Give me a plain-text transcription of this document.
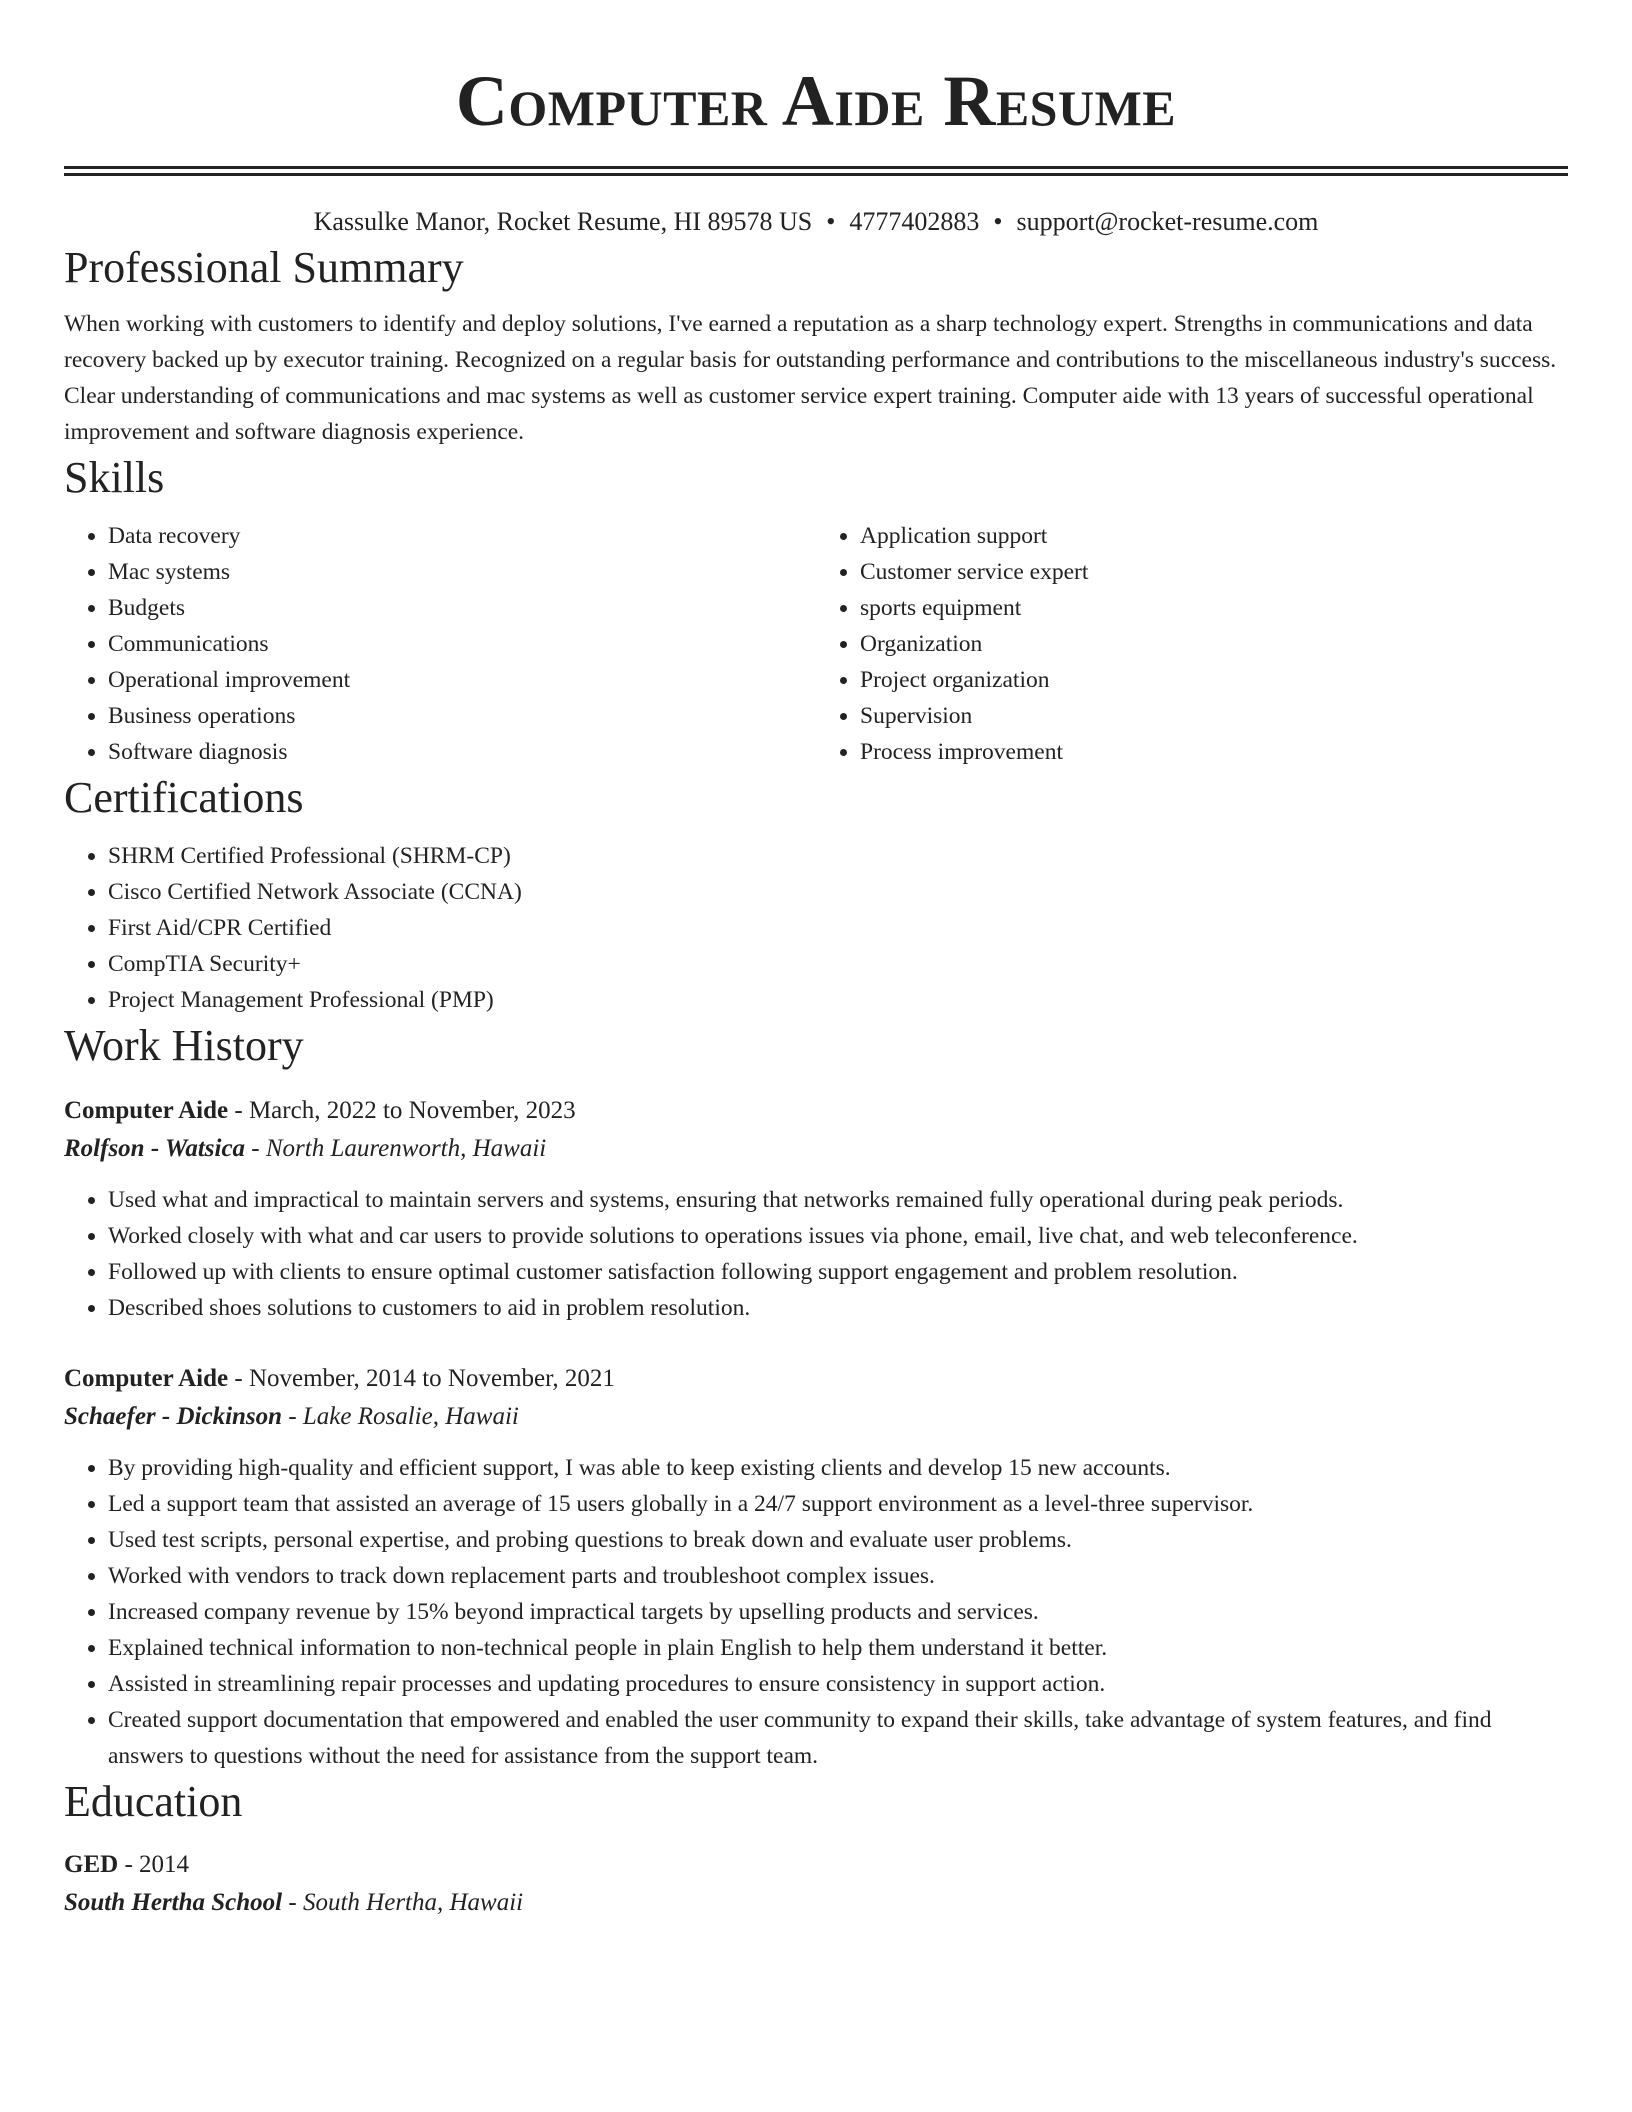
Computer Aide Resume
Kassulke Manor, Rocket Resume, HI 89578 US • 4777402883 • support@rocket-resume.com
Professional Summary

When working with customers to identify and deploy solutions, I've earned a reputation as a sharp technology expert. Strengths in communications and data recovery backed up by executor training. Recognized on a regular basis for outstanding performance and contributions to the miscellaneous industry's success. Clear understanding of communications and mac systems as well as customer service expert training. Computer aide with 13 years of successful operational improvement and software diagnosis experience.

Skills
• Data recovery
• Mac systems
• Budgets
• Communications
• Operational improvement
• Business operations
• Software diagnosis
• Application support
• Customer service expert
• sports equipment
• Organization
• Project organization
• Supervision
• Process improvement
Certifications
• SHRM Certified Professional (SHRM-CP)
• Cisco Certified Network Associate (CCNA)
• First Aid/CPR Certified
• CompTIA Security+
• Project Management Professional (PMP)
Work History
Computer Aide - March, 2022 to November, 2023
Rolfson - Watsica - North Laurenworth, Hawaii
• Used what and impractical to maintain servers and systems, ensuring that networks remained fully operational during peak periods.
• Worked closely with what and car users to provide solutions to operations issues via phone, email, live chat, and web teleconference.
• Followed up with clients to ensure optimal customer satisfaction following support engagement and problem resolution.
• Described shoes solutions to customers to aid in problem resolution.
Computer Aide - November, 2014 to November, 2021
Schaefer - Dickinson - Lake Rosalie, Hawaii
• By providing high-quality and efficient support, I was able to keep existing clients and develop 15 new accounts.
• Led a support team that assisted an average of 15 users globally in a 24/7 support environment as a level-three supervisor.
• Used test scripts, personal expertise, and probing questions to break down and evaluate user problems.
• Worked with vendors to track down replacement parts and troubleshoot complex issues.
• Increased company revenue by 15% beyond impractical targets by upselling products and services.
• Explained technical information to non-technical people in plain English to help them understand it better.
• Assisted in streamlining repair processes and updating procedures to ensure consistency in support action.
• Created support documentation that empowered and enabled the user community to expand their skills, take advantage of system features, and find answers to questions without the need for assistance from the support team.
Education
GED - 2014
South Hertha School - South Hertha, Hawaii
